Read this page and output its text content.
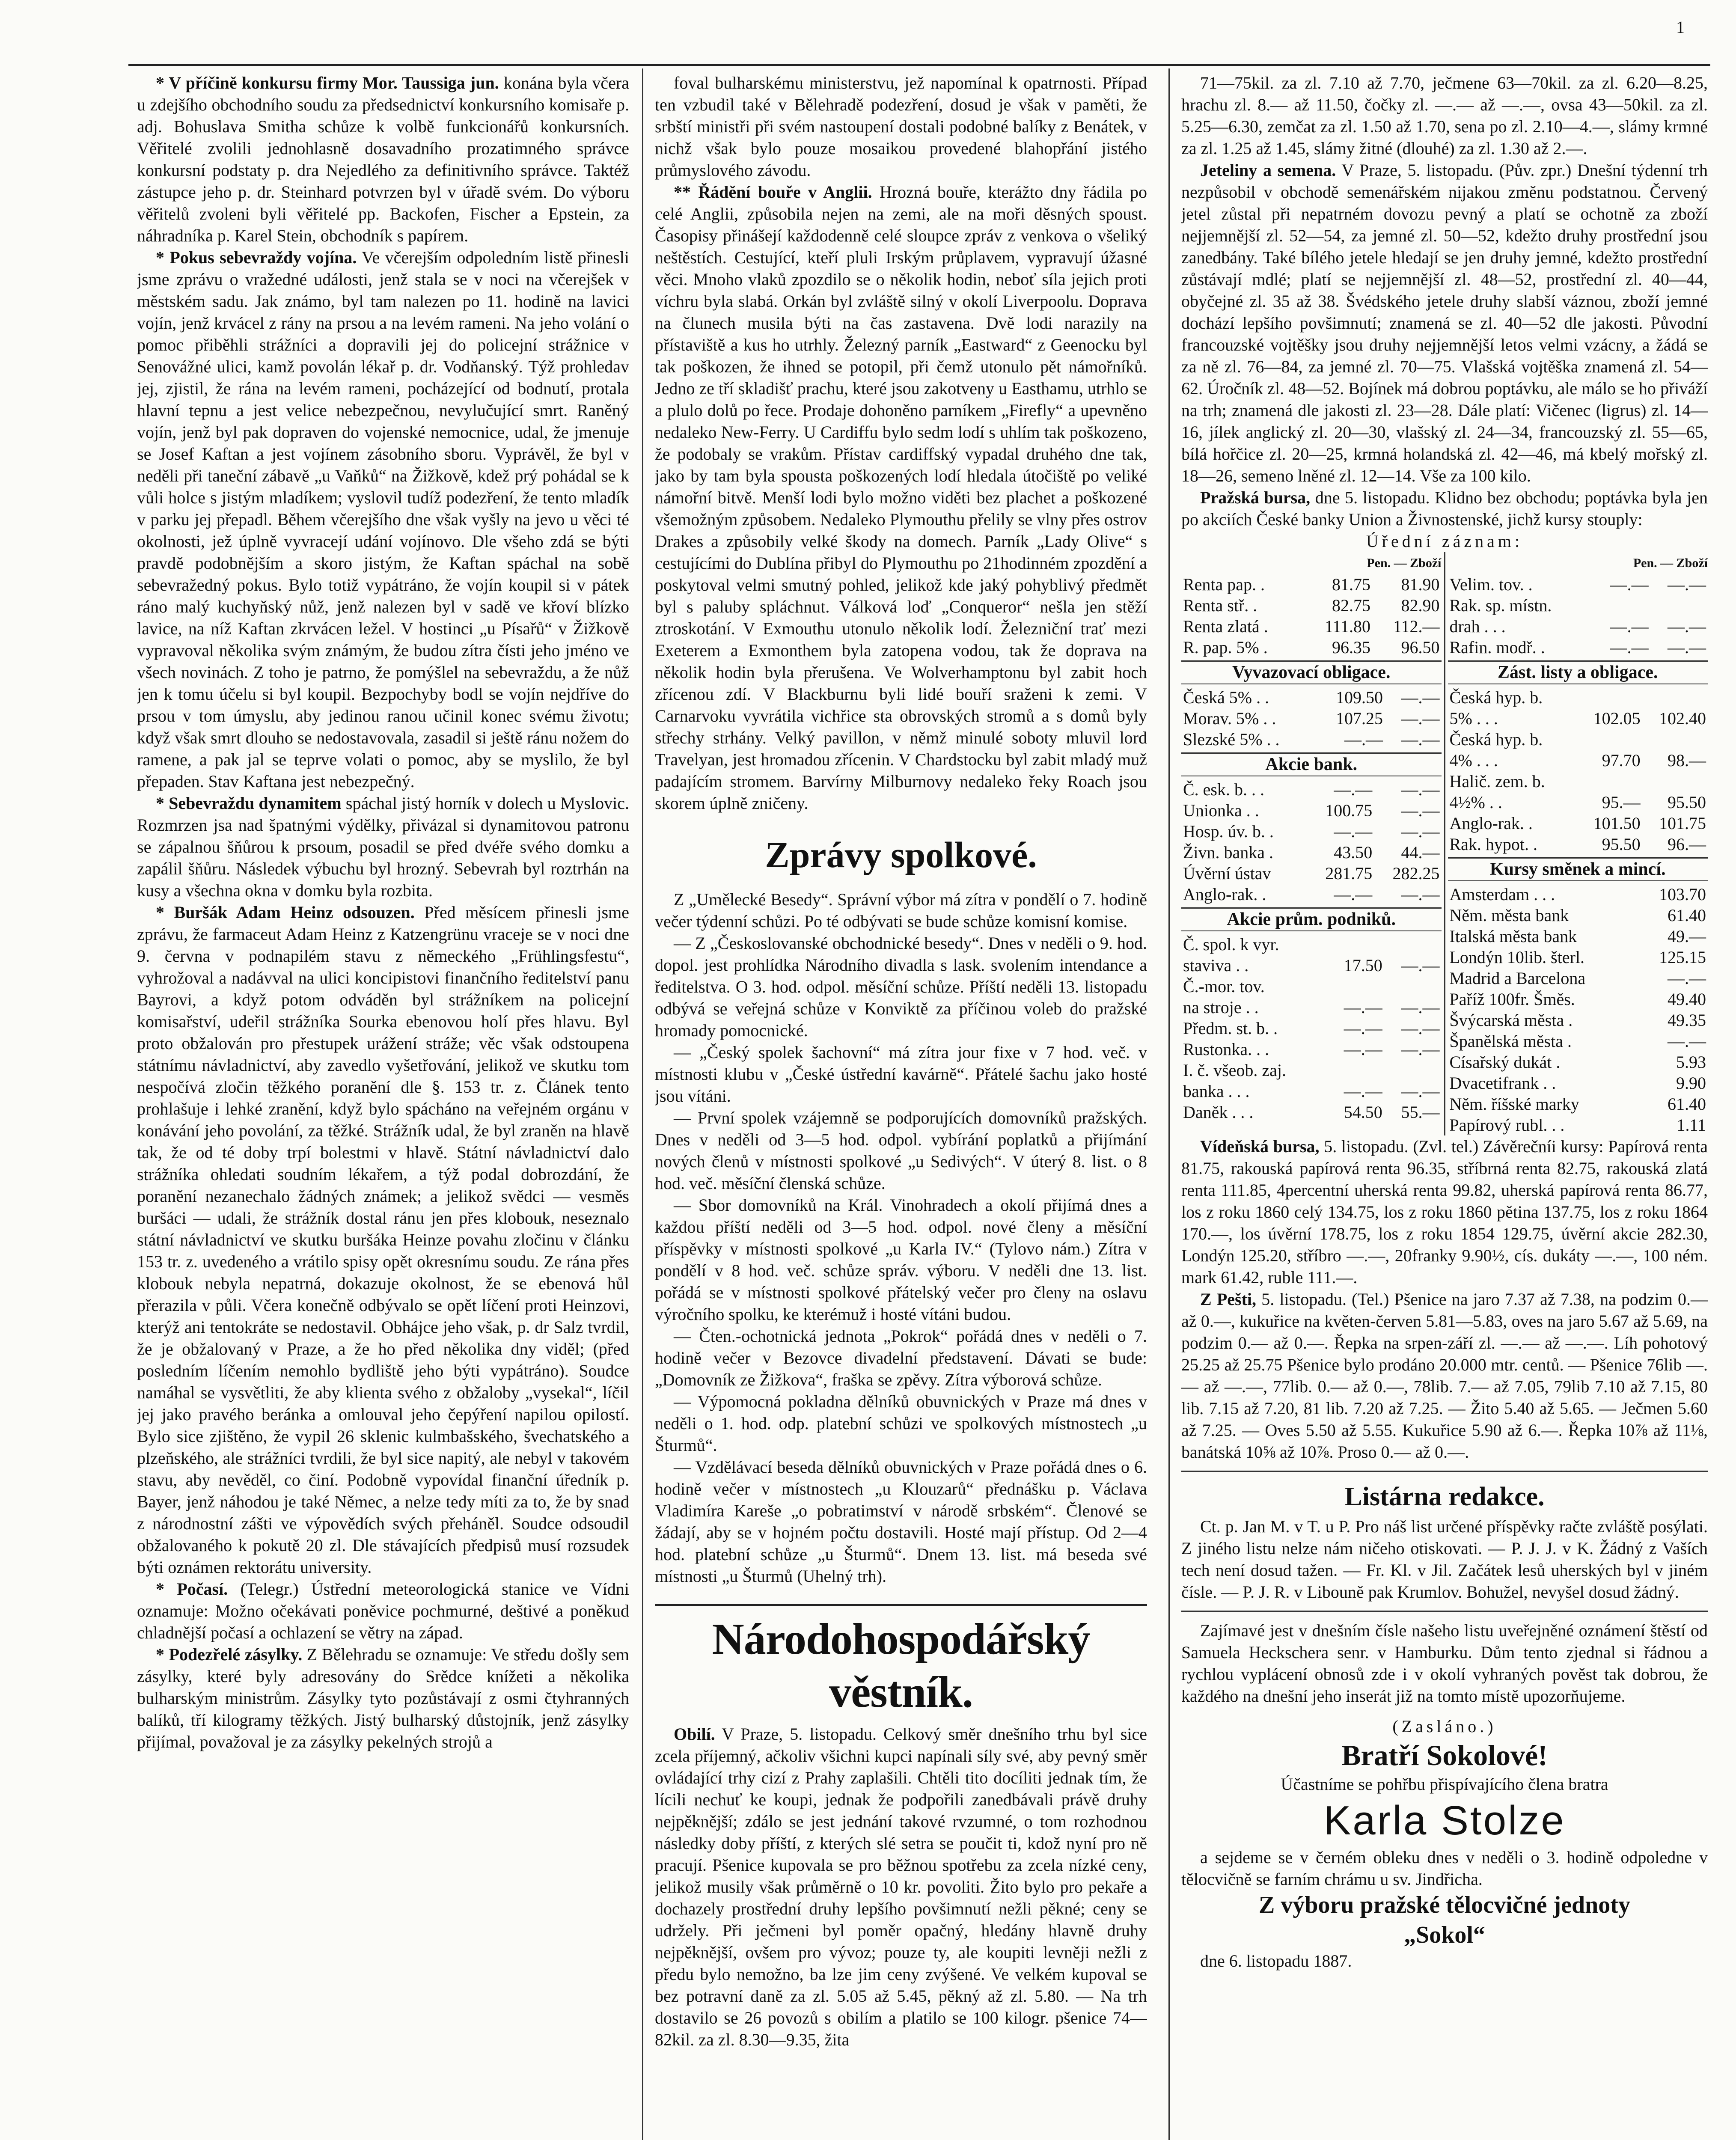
1

* V příčině konkursu firmy Mor. Taussiga jun. konána byla včera u zdejšího obchodního soudu za předsednictví konkursního komisaře p. adj. Bohuslava Smitha schůze k volbě funkcionářů konkursních. Věřitelé zvolili jednohlasně dosavadního prozatimného správce konkursní podstaty p. dra Nejedlého za definitivního správce. Taktéž zástupce jeho p. dr. Steinhard potvrzen byl v úřadě svém. Do výboru věřitelů zvoleni byli věřitelé pp. Backofen, Fischer a Epstein, za náhradníka p. Karel Stein, obchodník s papírem.

* Pokus sebevraždy vojína. Ve včerejším odpoledním listě přinesli jsme zprávu o vražedné události, jenž stala se v noci na včerejšek v městském sadu. Jak známo, byl tam nalezen po 11. hodině na lavici vojín, jenž krvácel z rány na prsou a na levém rameni. Na jeho volání o pomoc přiběhli strážníci a dopravili jej do policejní strážnice v Senovážné ulici, kamž povolán lékař p. dr. Vodňanský. Týž prohledav jej, zjistil, že rána na levém rameni, pocházející od bodnutí, protala hlavní tepnu a jest velice nebezpečnou, nevylučující smrt. Raněný vojín, jenž byl pak dopraven do vojenské nemocnice, udal, že jmenuje se Josef Kaftan a jest vojínem zásobního sboru. Vyprávěl, že byl v neděli při taneční zábavě „u Vaňků“ na Žižkově, kdež prý pohádal se k vůli holce s jistým mladíkem; vyslovil tudíž podezření, že tento mladík v parku jej přepadl. Během včerejšího dne však vyšly na jevo u věci té okolnosti, jež úplně vyvracejí udání vojínovo. Dle všeho zdá se býti pravdě podobnějším a skoro jistým, že Kaftan spáchal na sobě sebevražedný pokus. Bylo totiž vypátráno, že vojín koupil si v pátek ráno malý kuchyňský nůž, jenž nalezen byl v sadě ve křoví blízko lavice, na níž Kaftan zkrvácen ležel. V hostinci „u Písařů“ v Žižkově vypravoval několika svým známým, že budou zítra čísti jeho jméno ve všech novinách. Z toho je patrno, že pomýšlel na sebevraždu, a že nůž jen k tomu účelu si byl koupil. Bezpochyby bodl se vojín nejdříve do prsou v tom úmyslu, aby jedinou ranou učinil konec svému životu; když však smrt dlouho se nedostavovala, zasadil si ještě ránu nožem do ramene, a pak jal se teprve volati o pomoc, aby se myslilo, že byl přepaden. Stav Kaftana jest nebezpečný.

* Sebevraždu dynamitem spáchal jistý horník v dolech u Myslovic. Rozmrzen jsa nad špatnými výdělky, přivázal si dynamitovou patronu se zápalnou šňůrou k prsoum, posadil se před dvéře svého domku a zapálil šňůru. Následek výbuchu byl hrozný. Sebevrah byl roztrhán na kusy a všechna okna v domku byla rozbita.

* Buršák Adam Heinz odsouzen. Před měsícem přinesli jsme zprávu, že farmaceut Adam Heinz z Katzengrünu vraceje se v noci dne 9. června v podnapilém stavu z německého „Frühlingsfestu“, vyhrožoval a nadávval na ulici koncipistovi finančního ředitelství panu Bayrovi, a když potom odváděn byl strážníkem na policejní komisařství, udeřil strážníka Sourka ebenovou holí přes hlavu. Byl proto obžalován pro přestupek urážení stráže; věc však odstoupena státnímu návladnictví, aby zavedlo vyšetřování, jelikož ve skutku tom nespočívá zločin těžkého poranění dle §. 153 tr. z. Článek tento prohlašuje i lehké zranění, když bylo spácháno na veřejném orgánu v konávání jeho povolání, za těžké. Strážník udal, že byl zraněn na hlavě tak, že od té doby trpí bolestmi v hlavě. Státní návladnictví dalo strážníka ohledati soudním lékařem, a týž podal dobrozdání, že poranění nezanechalo žádných známek; a jelikož svědci — vesměs buršáci — udali, že strážník dostal ránu jen přes klobouk, neseznalo státní návladnictví ve skutku buršáka Heinze povahu zločinu v článku 153 tr. z. uvedeného a vrátilo spisy opět okresnímu soudu. Ze rána přes klobouk nebyla nepatrná, dokazuje okolnost, že se ebenová hůl přerazila v půli. Včera konečně odbývalo se opět líčení proti Heinzovi, kterýž ani tentokráte se nedostavil. Obhájce jeho však, p. dr Salz tvrdil, že je obžalovaný v Praze, a že ho před několika dny viděl; (před posledním líčením nemohlo bydliště jeho býti vypátráno). Soudce namáhal se vysvětliti, že aby klienta svého z obžaloby „vysekal“, líčil jej jako pravého beránka a omlouval jeho čepýření napilou opilostí. Bylo sice zjištěno, že vypil 26 sklenic kulmbašského, švechatského a plzeňského, ale strážníci tvrdili, že byl sice napitý, ale nebyl v takovém stavu, aby nevěděl, co činí. Podobně vypovídal finanční úředník p. Bayer, jenž náhodou je také Němec, a nelze tedy míti za to, že by snad z národnostní zášti ve výpovědích svých přeháněl. Soudce odsoudil obžalovaného k pokutě 20 zl. Dle stávajících předpisů musí rozsudek býti oznámen rektorátu university.

* Počasí. (Telegr.) Ústřední meteorologická stanice ve Vídni oznamuje: Možno očekávati poněvice pochmurné, deštivé a poněkud chladnější počasí a ochlazení se větry na západ.

* Podezřelé zásylky. Z Bělehradu se oznamuje: Ve středu došly sem zásylky, které byly adresovány do Srědce knížeti a několika bulharským ministrům. Zásylky tyto pozůstávají z osmi čtyhranných balíků, tří kilogramy těžkých. Jistý bulharský důstojník, jenž zásylky přijímal, považoval je za zásylky pekelných strojů a

foval bulharskému ministerstvu, jež napomínal k opatrnosti. Případ ten vzbudil také v Bělehradě podezření, dosud je však v paměti, že srbští ministři při svém nastoupení dostali podobné balíky z Benátek, v nichž však bylo pouze mosaikou provedené blahopřání jistého průmyslového závodu.

** Řádění bouře v Anglii. Hrozná bouře, kterážto dny řádila po celé Anglii, způsobila nejen na zemi, ale na moři děsných spoust. Časopisy přinášejí každodenně celé sloupce zpráv z venkova o všeliký neštěstích. Cestující, kteří pluli Irským průplavem, vypravují úžasné věci. Mnoho vlaků zpozdilo se o několik hodin, neboť síla jejich proti víchru byla slabá. Orkán byl zvláště silný v okolí Liverpoolu. Doprava na člunech musila býti na čas zastavena. Dvě lodi narazily na přístaviště a kus ho utrhly. Železný parník „Eastward“ z Geenocku byl tak poškozen, že ihned se potopil, při čemž utonulo pět námořníků. Jedno ze tří skladišť prachu, které jsou zakotveny u Easthamu, utrhlo se a plulo dolů po řece. Prodaje dohoněno parníkem „Firefly“ a upevněno nedaleko New-Ferry. U Cardiffu bylo sedm lodí s uhlím tak poškozeno, že podobaly se vrakům. Přístav cardiffský vypadal druhého dne tak, jako by tam byla spousta poškozených lodí hledala útočiště po veliké námořní bitvě. Menší lodi bylo možno viděti bez plachet a poškozené všemožným způsobem. Nedaleko Plymouthu přelily se vlny přes ostrov Drakes a způsobily velké škody na domech. Parník „Lady Olive“ s cestujícími do Dublína přibyl do Plymouthu po 21hodinném zpozdění a poskytoval velmi smutný pohled, jelikož kde jaký pohyblivý předmět byl s paluby spláchnut. Válková loď „Conqueror“ nešla jen stěží ztroskotání. V Exmouthu utonulo několik lodí. Železniční trať mezi Exeterem a Exmonthem byla zatopena vodou, tak že doprava na několik hodin byla přerušena. Ve Wolverhamptonu byl zabit hoch zřícenou zdí. V Blackburnu byli lidé bouří sraženi k zemi. V Carnarvoku vyvrátila vichřice sta obrovských stromů a s domů byly střechy strhány. Velký pavillon, v němž minulé soboty mluvil lord Travelyan, jest hromadou zřícenin. V Chardstocku byl zabit mladý muž padajícím stromem. Barvírny Milburnovy nedaleko řeky Roach jsou skorem úplně zničeny.

Zprávy spolkové.

Z „Umělecké Besedy“. Správní výbor má zítra v pondělí o 7. hodině večer týdenní schůzi. Po té odbývati se bude schůze komisní komise.

— Z „Českoslovanské obchodnické besedy“. Dnes v neděli o 9. hod. dopol. jest prohlídka Národního divadla s lask. svolením intendance a ředitelstva. O 3. hod. odpol. měsíční schůze. Příští neděli 13. listopadu odbývá se veřejná schůze v Konviktě za příčinou voleb do pražské hromady pomocnické.

— „Český spolek šachovní“ má zítra jour fixe v 7 hod. več. v místnosti klubu v „České ústřední kavárně“. Přátelé šachu jako hosté jsou vítáni.

— První spolek vzájemně se podporujících domovníků pražských. Dnes v neděli od 3—5 hod. odpol. vybírání poplatků a přijímání nových členů v místnosti spolkové „u Sedivých“. V úterý 8. list. o 8 hod. več. měsíční členská schůze.

— Sbor domovníků na Král. Vinohradech a okolí přijímá dnes a každou příští neděli od 3—5 hod. odpol. nové členy a měsíční příspěvky v místnosti spolkové „u Karla IV.“ (Tylovo nám.) Zítra v pondělí v 8 hod. več. schůze správ. výboru. V neděli dne 13. list. pořádá se v místnosti spolkové přátelský večer pro členy na oslavu výročního spolku, ke kterémuž i hosté vítáni budou.

— Čten.-ochotnická jednota „Pokrok“ pořádá dnes v neděli o 7. hodině večer v Bezovce divadelní představení. Dávati se bude: „Domovník ze Žižkova“, fraška se zpěvy. Zítra výborová schůze.

— Výpomocná pokladna dělníků obuvnických v Praze má dnes v neděli o 1. hod. odp. platební schůzi ve spolkových místnostech „u Šturmů“.

— Vzdělávací beseda dělníků obuvnických v Praze pořádá dnes o 6. hodině večer v místnostech „u Klouzarů“ přednášku p. Václava Vladimíra Kareše „o pobratimství v národě srbském“. Členové se žádají, aby se v hojném počtu dostavili. Hosté mají přístup. Od 2—4 hod. platební schůze „u Šturmů“. Dnem 13. list. má beseda své místnosti „u Šturmů (Uhelný trh).

Národohospodářský věstník.

Obilí. V Praze, 5. listopadu. Celkový směr dnešního trhu byl sice zcela příjemný, ačkoliv všichni kupci napínali síly své, aby pevný směr ovládající trhy cizí z Prahy zaplašili. Chtěli tito docíliti jednak tím, že lícili nechuť ke koupi, jednak že podpořili zanedbávali právě druhy nejpěknější; zdálo se jest jednání takové rvzumné, o tom rozhodnou následky doby příští, z kterých slé setra se poučit ti, kdož nyní pro ně pracují. Pšenice kupovala se pro běžnou spotřebu za zcela nízké ceny, jelikož musily však průměrně o 10 kr. povoliti. Žito bylo pro pekaře a dochazely prostřední druhy lepšího povšimnutí nežli pěkné; ceny se udržely. Při ječmeni byl poměr opačný, hledány hlavně druhy nejpěknější, ovšem pro vývoz; pouze ty, ale koupiti levněji nežli z předu bylo nemožno, ba lze jim ceny zvýšené. Ve velkém kupoval se bez potravní daně za zl. 5.05 až 5.45, pěkný až zl. 5.80. — Na trh dostavilo se 26 povozů s obilím a platilo se 100 kilogr. pšenice 74—82kil. za zl. 8.30—9.35, žita

71—75kil. za zl. 7.10 až 7.70, ječmene 63—70kil. za zl. 6.20—8.25, hrachu zl. 8.— až 11.50, čočky zl. —.— až —.—, ovsa 43—50kil. za zl. 5.25—6.30, zemčat za zl. 1.50 až 1.70, sena po zl. 2.10—4.—, slámy krmné za zl. 1.25 až 1.45, slámy žitné (dlouhé) za zl. 1.30 až 2.—.

Jeteliny a semena. V Praze, 5. listopadu. (Pův. zpr.) Dnešní týdenní trh nezpůsobil v obchodě semenářském nijakou změnu podstatnou. Červený jetel zůstal při nepatrném dovozu pevný a platí se ochotně za zboží nejjemnější zl. 52—54, za jemné zl. 50—52, kdežto druhy prostřední jsou zanedbány. Také bílého jetele hledají se jen druhy jemné, kdežto prostřední zůstávají mdlé; platí se nejjemnější zl. 48—52, prostřední zl. 40—44, obyčejné zl. 35 až 38. Švédského jetele druhy slabší váznou, zboží jemné dochází lepšího povšimnutí; znamená se zl. 40—52 dle jakosti. Původní francouzské vojtěšky jsou druhy nejjemnější letos velmi vzácny, a žádá se za ně zl. 76—84, za jemné zl. 70—75. Vlašská vojtěška znamená zl. 54—62. Úročník zl. 48—52. Bojínek má dobrou poptávku, ale málo se ho přiváží na trh; znamená dle jakosti zl. 23—28. Dále platí: Vičenec (ligrus) zl. 14—16, jílek anglický zl. 20—30, vlašský zl. 24—34, francouzský zl. 55—65, bílá hořčice zl. 20—25, krmná holandská zl. 42—46, má kbelý mořský zl. 18—26, semeno lněné zl. 12—14. Vše za 100 kilo.

Pražská bursa, dne 5. listopadu. Klidno bez obchodu; poptávka byla jen po akciích České banky Union a Živnostenské, jichž kursy stouply:

Úřední záznam:
Pen. — Zboží
Renta pap. .	81.75	81.90
Renta stř. .	82.75	82.90
Renta zlatá .	111.80	112.—
R. pap. 5% .	96.35	96.50
Pen. — Zboží
Velim. tov. .	—.—	—.—
Rak. sp. místn.		
drah . . .	—.—	—.—
Rafin. modř. .	—.—	—.—
Vyvazovací obligace.
Česká 5% . .	109.50	—.—
Morav. 5% . .	107.25	—.—
Slezské 5% . .	—.—	—.—
Akcie bank.
Č. esk. b. . .	—.—	—.—
Unionka . .	100.75	—.—
Hosp. úv. b. .	—.—	—.—
Živn. banka .	43.50	44.—
Úvěrní ústav	281.75	282.25
Anglo-rak. .	—.—	—.—
Akcie prům. podniků.
Č. spol. k vyr.		
staviva . .	17.50	—.—
Č.-mor. tov.		
na stroje . .	—.—	—.—
Předm. st. b. .	—.—	—.—
Rustonka. . .	—.—	—.—
I. č. všeob. zaj.		
banka . . .	—.—	—.—
Daněk . . .	54.50	55.—
Zást. listy a obligace.
Česká hyp. b.		
5% . . .	102.05	102.40
Česká hyp. b.		
4% . . .	97.70	98.—
Halič. zem. b.		
4½% . .	95.—	95.50
Anglo-rak. .	101.50	101.75
Rak. hypot. .	95.50	96.—
Kursy směnek a mincí.
Amsterdam . . .	103.70
Něm. města bank	61.40
Italská města bank	49.—
Londýn 10lib. šterl.	125.15
Madrid a Barcelona	—.—
Paříž 100fr. Šměs.	49.40
Švýcarská města .	49.35
Španělská města .	—.—
Císařský dukát .	5.93
Dvacetifrank . .	9.90
Něm. říšské marky	61.40
Papírový rubl. . .	1.11

Vídeňská bursa, 5. listopadu. (Zvl. tel.) Závěrečníi kursy: Papírová renta 81.75, rakouská papírová renta 96.35, stříbrná renta 82.75, rakouská zlatá renta 111.85, 4percentní uherská renta 99.82, uherská papírová renta 86.77, los z roku 1860 celý 134.75, los z roku 1860 pětina 137.75, los z roku 1864 170.—, los úvěrní 178.75, los z roku 1854 129.75, úvěrní akcie 282.30, Londýn 125.20, stříbro —.—, 20franky 9.90½, cís. dukáty —.—, 100 ném. mark 61.42, ruble 111.—.

Z Pešti, 5. listopadu. (Tel.) Pšenice na jaro 7.37 až 7.38, na podzim 0.— až 0.—, kukuřice na květen-červen 5.81—5.83, oves na jaro 5.67 až 5.69, na podzim 0.— až 0.—. Řepka na srpen-září zl. —.— až —.—. Líh pohotový 25.25 až 25.75 Pšenice bylo prodáno 20.000 mtr. centů. — Pšenice 76lib —.— až —.—, 77lib. 0.— až 0.—, 78lib. 7.— až 7.05, 79lib 7.10 až 7.15, 80 lib. 7.15 až 7.20, 81 lib. 7.20 až 7.25. — Žito 5.40 až 5.65. — Ječmen 5.60 až 7.25. — Oves 5.50 až 5.55. Kukuřice 5.90 až 6.—. Řepka 10⅞ až 11⅛, banátská 10⅝ až 10⅞. Proso 0.— až 0.—.

Listárna redakce.

Ct. p. Jan M. v T. u P. Pro náš list určené příspěvky račte zvláště posýlati. Z jiného listu nelze nám ničeho otiskovati. — P. J. J. v K. Žádný z Vaších tech není dosud tažen. — Fr. Kl. v Jil. Začátek lesů uherských byl v jiném čísle. — P. J. R. v Libouně pak Krumlov. Bohužel, nevyšel dosud žádný.

Zajímavé jest v dnešním čísle našeho listu uveřejněné oznámení štěstí od Samuela Heckschera senr. v Hamburku. Dům tento zjednal si řádnou a rychlou vyplácení obnosů zde i v okolí vyhraných pověst tak dobrou, že každého na dnešní jeho inserát již na tomto místě upozorňujeme.

(Zasláno.)
Bratří Sokolové!
Účastníme se pohřbu přispívajícího člena bratra
Karla Stolze

a sejdeme se v černém obleku dnes v neděli o 3. hodině odpoledne v tělocvičně se farním chrámu u sv. Jindřicha.

Z výboru pražské tělocvičné jednoty
„Sokol“

dne 6. listopadu 1887.
